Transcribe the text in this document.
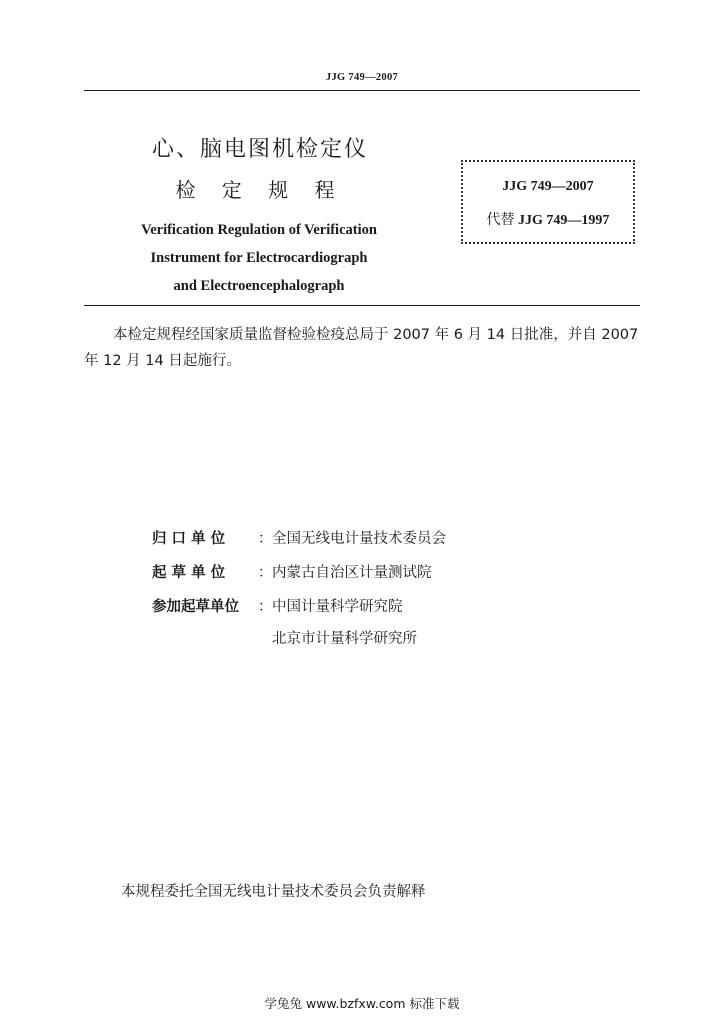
JJG 749—2007
心、脑电图机检定仪
检 定 规 程
Verification Regulation of Verification
Instrument for Electrocardiograph
and Electroencephalograph
JJG 749—2007
代替 JJG 749—1997
本检定规程经国家质量监督检验检疫总局于 2007 年 6 月 14 日批准，并自 2007 年 12 月 14 日起施行。
归 口 单 位 ： 全国无线电计量技术委员会
起 草 单 位 ： 内蒙古自治区计量测试院
参加起草单位 ： 中国计量科学研究院
北京市计量科学研究所
本规程委托全国无线电计量技术委员会负责解释
学兔兔 www.bzfxw.com 标准下载
